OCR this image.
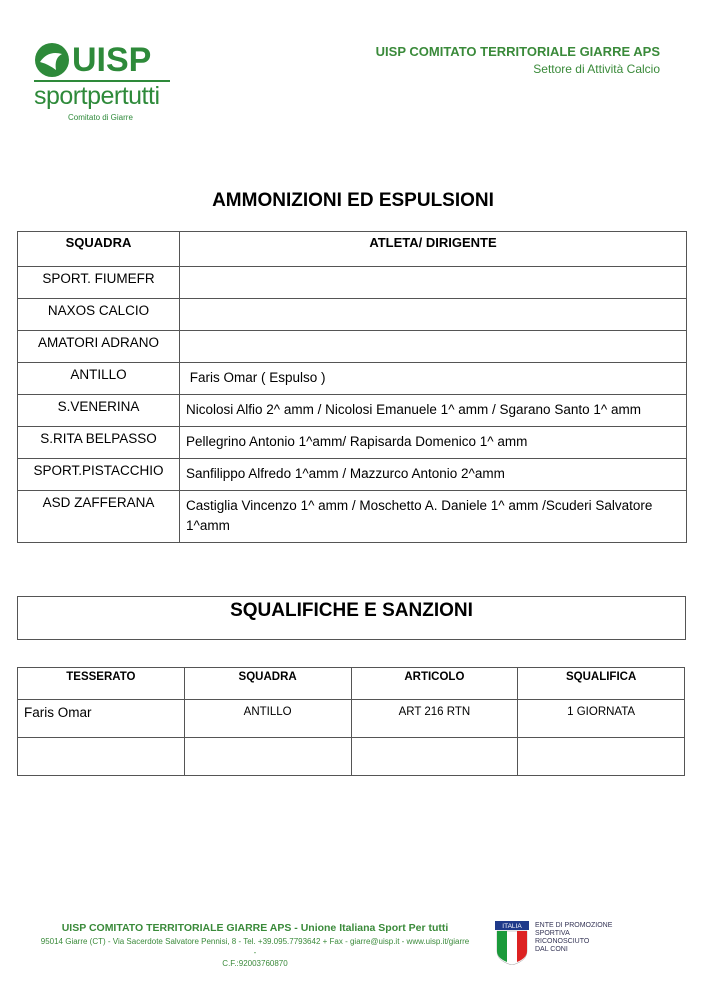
UISP
sportpertutti
Comitato di Giarre
UISP COMITATO TERRITORIALE GIARRE APS
Settore di Attività Calcio
AMMONIZIONI ED ESPULSIONI
SQUADRA	ATLETA/ DIRIGENTE
SPORT. FIUMEFR	
NAXOS CALCIO	
AMATORI ADRANO	
ANTILLO	Faris Omar ( Espulso )
S.VENERINA	Nicolosi Alfio 2^ amm / Nicolosi Emanuele 1^ amm / Sgarano Santo 1^ amm
S.RITA BELPASSO	Pellegrino Antonio 1^amm/ Rapisarda Domenico 1^ amm
SPORT.PISTACCHIO	Sanfilippo Alfredo 1^amm / Mazzurco Antonio 2^amm
ASD ZAFFERANA	Castiglia Vincenzo 1^ amm / Moschetto A. Daniele 1^ amm /Scuderi Salvatore 1^amm
SQUALIFICHE E SANZIONI
TESSERATO	SQUADRA	ARTICOLO	SQUALIFICA
Faris Omar	ANTILLO	ART 216 RTN	1 GIORNATA

UISP COMITATO TERRITORIALE GIARRE APS - Unione Italiana Sport Per tutti
95014 Giarre (CT) - Via Sacerdote Salvatore Pennisi, 8 - Tel. +39.095.7793642 + Fax - giarre@uisp.it - www.uisp.it/giarre -
C.F.:92003760870
ITALIA ENTE DI PROMOZIONE
SPORTIVA
RICONOSCIUTO
DAL CONI
